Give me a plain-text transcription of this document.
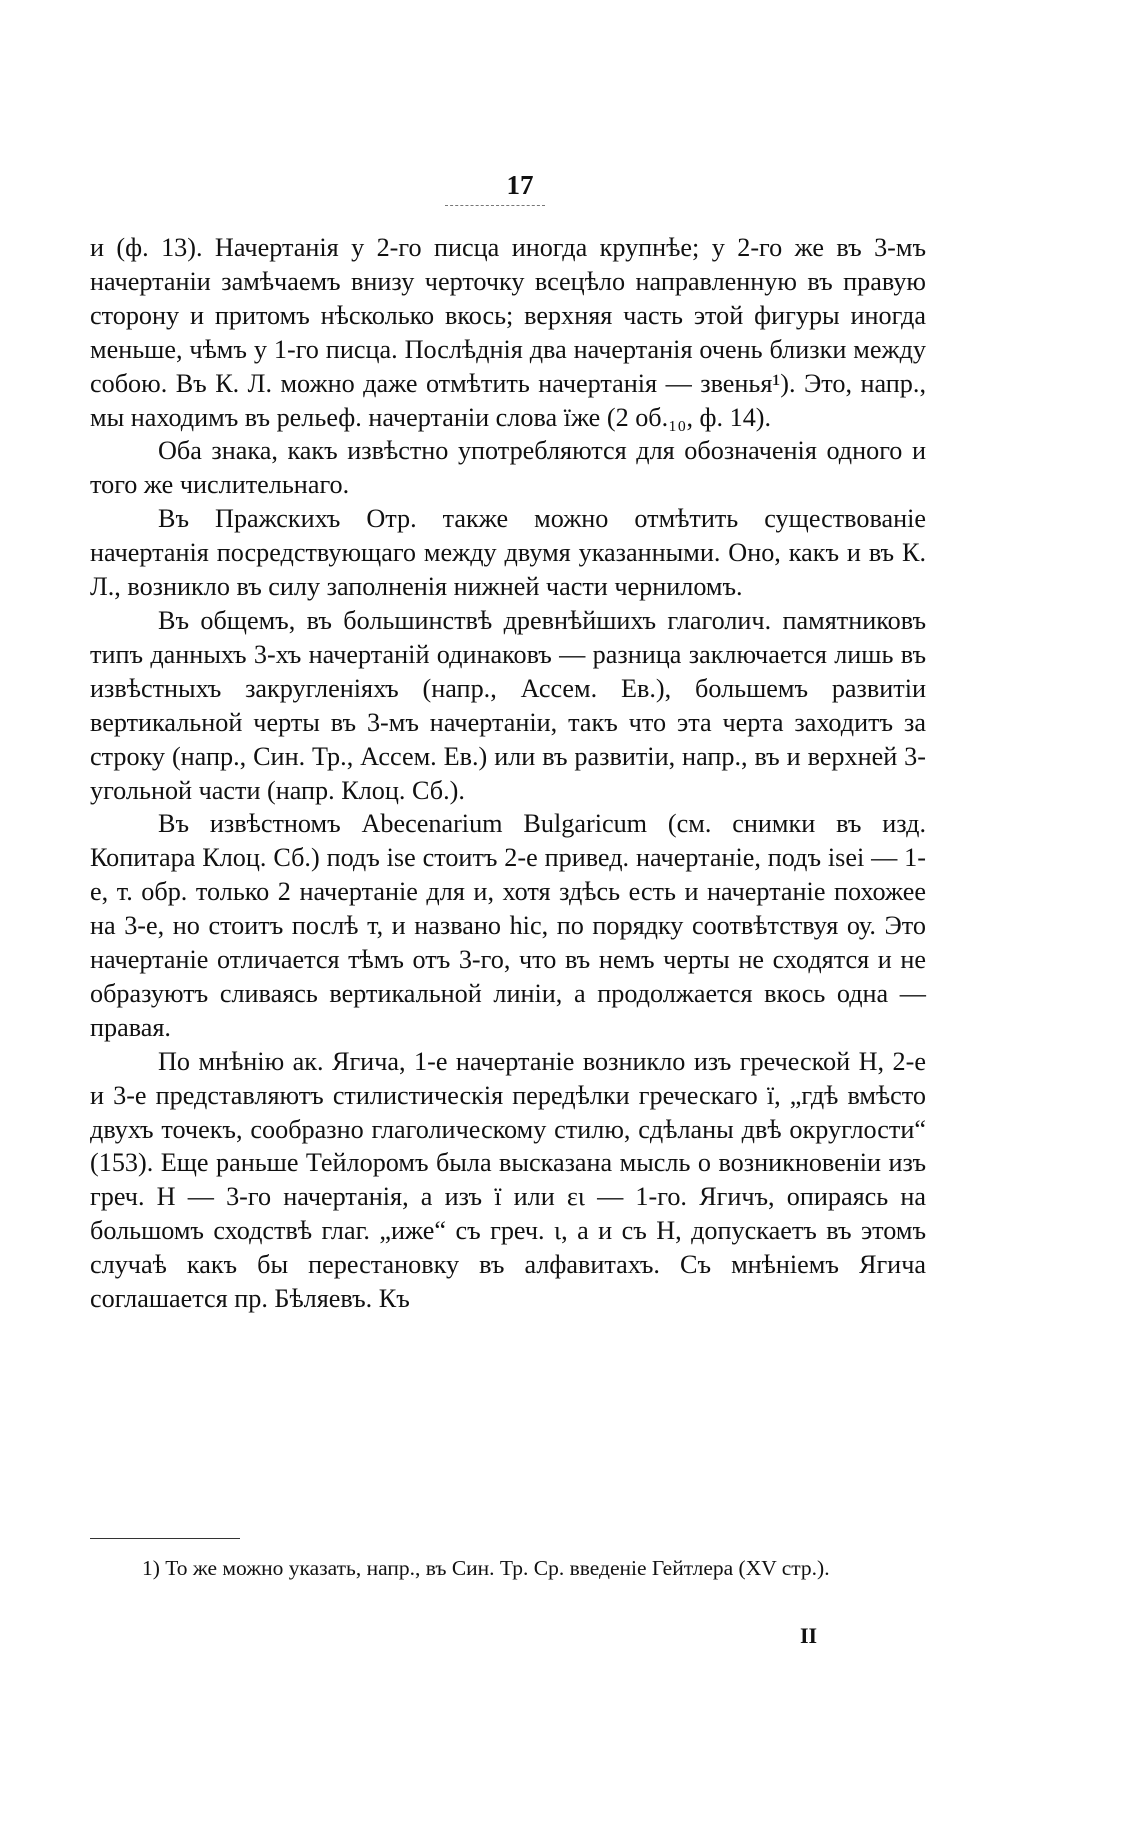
17

и (ф. 13). Начертанія у 2-го писца иногда крупнѣе; у 2-го же въ 3-мъ начертаніи замѣчаемъ внизу черточку всецѣло направленную въ правую сторону и притомъ нѣсколько вкось; верхняя часть этой фигуры иногда меньше, чѣмъ у 1-го писца. Послѣднія два начертанія очень близки между собою. Въ К. Л. можно даже отмѣтить начертанія — звенья¹). Это, напр., мы находимъ въ рельеф. начертаніи слова їже (2 об.₁₀, ф. 14).

Оба знака, какъ извѣстно употребляются для обозначенія одного и того же числительнаго.

Въ Пражскихъ Отр. также можно отмѣтить существованіе начертанія посредствующаго между двумя указанными. Оно, какъ и въ К. Л., возникло въ силу заполненія нижней части черниломъ.

Въ общемъ, въ большинствѣ древнѣйшихъ глаголич. памятниковъ типъ данныхъ 3-хъ начертаній одинаковъ — разница заключается лишь въ извѣстныхъ закругленіяхъ (напр., Ассем. Ев.), большемъ развитіи вертикальной черты въ 3-мъ начертаніи, такъ что эта черта заходитъ за строку (напр., Син. Тр., Ассем. Ев.) или въ развитіи, напр., въ и верхней 3-угольной части (напр. Клоц. Сб.).

Въ извѣстномъ Abecenarium Bulgaricum (см. снимки въ изд. Копитара Клоц. Сб.) подъ ise стоитъ 2-е привед. начертаніе, подъ isei — 1-е, т. обр. только 2 начертаніе для и, хотя здѣсь есть и начертаніе похожее на 3-е, но стоитъ послѣ т, и названо hic, по порядку соотвѣтствуя оу. Это начертаніе отличается тѣмъ отъ 3-го, что въ немъ черты не сходятся и не образуютъ сливаясь вертикальной линіи, а продолжается вкось одна — правая.

По мнѣнію ак. Ягича, 1-е начертаніе возникло изъ греческой Н, 2-е и 3-е представляютъ стилистическія передѣлки греческаго ї, „гдѣ вмѣсто двухъ точекъ, сообразно глаголическому стилю, сдѣланы двѣ округлости“ (153). Еще раньше Тейлоромъ была высказана мысль о возникновеніи изъ греч. Н — 3-го начертанія, а изъ ї или ει — 1-го. Ягичъ, опираясь на большомъ сходствѣ глаг. „иже“ съ греч. ι, а и съ Н, допускаетъ въ этомъ случаѣ какъ бы перестановку въ алфавитахъ. Съ мнѣніемъ Ягича соглашается пр. Бѣляевъ. Къ

1) То же можно указать, напр., въ Син. Тр. Ср. введеніе Гейтлера (XV стр.).
II
